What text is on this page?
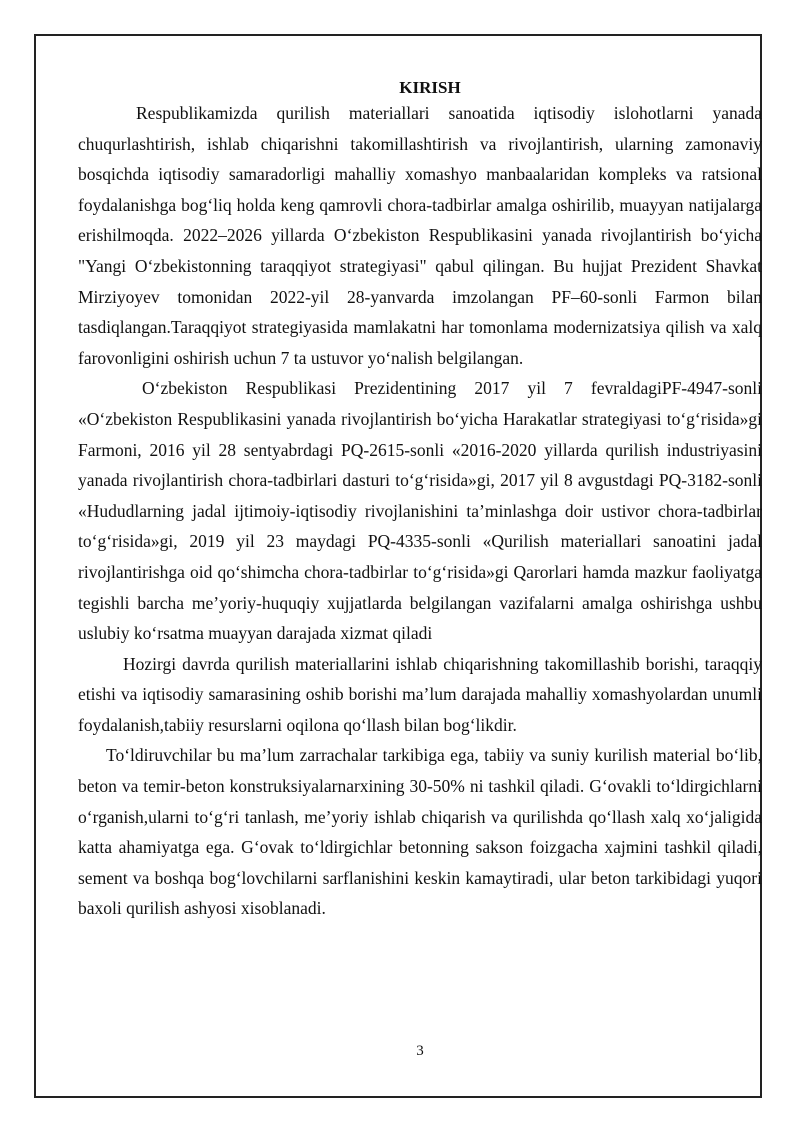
KIRISH

Respublikamizda qurilish materiallari sanoatida iqtisodiy islohotlarni yanada chuqurlashtirish, ishlab chiqarishni takomillashtirish va rivojlantirish, ularning zamonaviy bosqichda iqtisodiy samaradorligi mahalliy xomashyo manbaalaridan kompleks va ratsional foydalanishga bog‘liq holda keng qamrovli chora-tadbirlar amalga oshirilib, muayyan natijalarga erishilmoqda. 2022–2026 yillarda O‘zbekiston Respublikasini yanada rivojlantirish bo‘yicha "Yangi O‘zbekistonning taraqqiyot strategiyasi" qabul qilingan. Bu hujjat Prezident Shavkat Mirziyoyev tomonidan 2022-yil 28-yanvarda imzolangan PF–60-sonli Farmon bilan tasdiqlangan.Taraqqiyot strategiyasida mamlakatni har tomonlama modernizatsiya qilish va xalq farovonligini oshirish uchun 7 ta ustuvor yo‘nalish belgilangan.

O‘zbekiston Respublikasi Prezidentining 2017 yil 7 fevraldagiPF-4947-sonli «O‘zbekiston Respublikasini yanada rivojlantirish bo‘yicha Harakatlar strategiyasi to‘g‘risida»gi Farmoni, 2016 yil 28 sentyabrdagi PQ-2615-sonli «2016-2020 yillarda qurilish industriyasini yanada rivojlantirish chora-tadbirlari dasturi to‘g‘risida»gi, 2017 yil 8 avgustdagi PQ-3182-sonli «Hududlarning jadal ijtimoiy-iqtisodiy rivojlanishini ta’minlashga doir ustivor chora-tadbirlar to‘g‘risida»gi, 2019 yil 23 maydagi PQ-4335-sonli «Qurilish materiallari sanoatini jadal rivojlantirishga oid qo‘shimcha chora-tadbirlar to‘g‘risida»gi Qarorlari hamda mazkur faoliyatga tegishli barcha me’yoriy-huquqiy xujjatlarda belgilangan vazifalarni amalga oshirishga ushbu uslubiy ko‘rsatma muayyan darajada xizmat qiladi

Hozirgi davrda qurilish materiallarini ishlab chiqarishning takomillashib borishi, taraqqiy etishi va iqtisodiy samarasining oshib borishi ma’lum darajada mahalliy xomashyolardan unumli foydalanish,tabiiy resurslarni oqilona qo‘llash bilan bog‘likdir.

To‘ldiruvchilar bu ma’lum zarrachalar tarkibiga ega, tabiiy va suniy kurilish material bo‘lib, beton va temir-beton konstruksiyalarnarxining 30-50% ni tashkil qiladi. G‘ovakli to‘ldirgichlarni o‘rganish,ularni to‘g‘ri tanlash, me’yoriy ishlab chiqarish va qurilishda qo‘llash xalq xo‘jaligida katta ahamiyatga ega. G‘ovak to‘ldirgichlar betonning sakson foizgacha xajmini tashkil qiladi, sement va boshqa bog‘lovchilarni sarflanishini keskin kamaytiradi, ular beton tarkibidagi yuqori baxoli qurilish ashyosi xisoblanadi.

3
